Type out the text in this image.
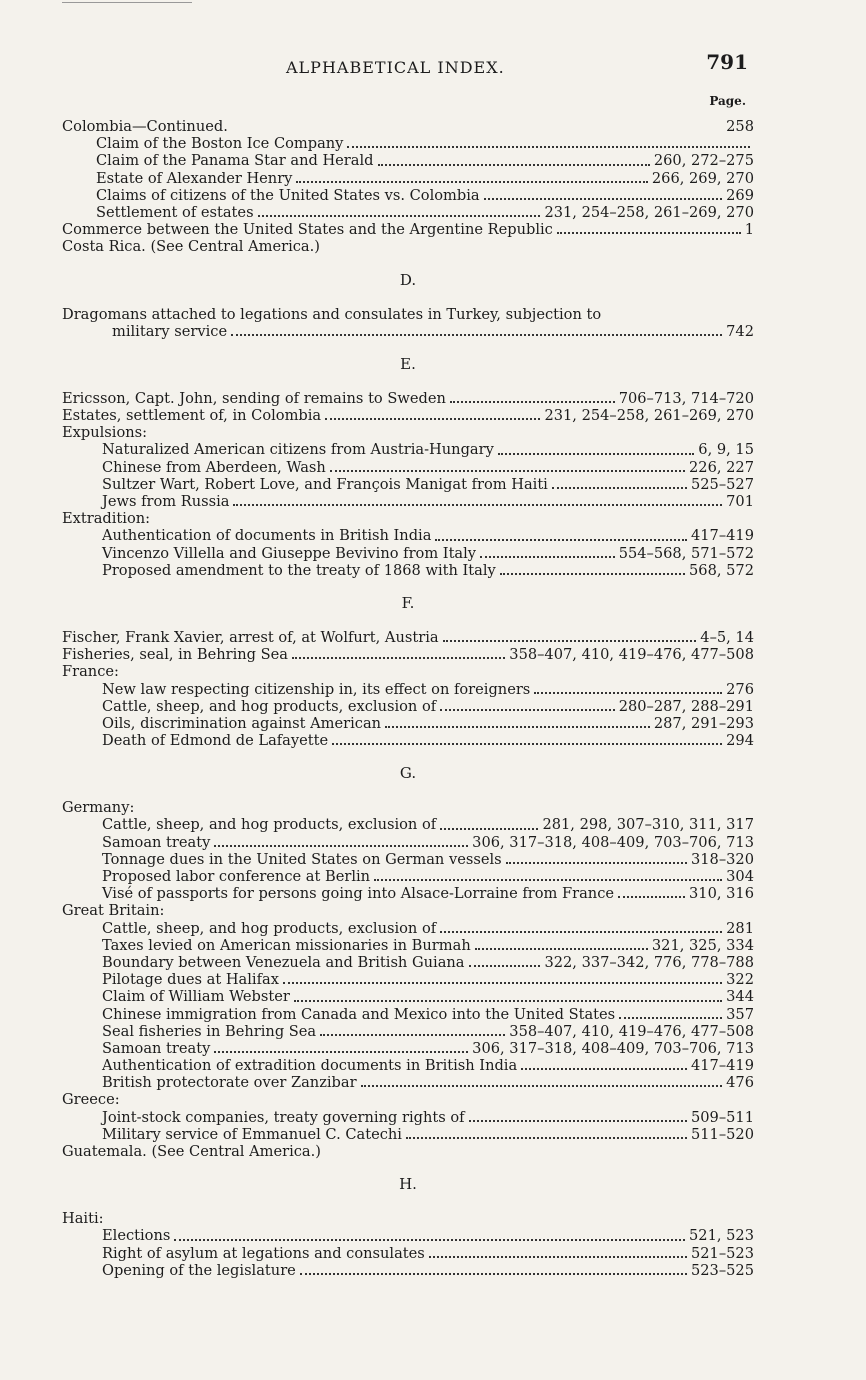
ALPHABETICAL INDEX.	791
Page.
Colombia—Continued.	258
Claim of the Boston Ice Company
Claim of the Panama Star and Herald	260, 272–275
Estate of Alexander Henry	266, 269, 270
Claims of citizens of the United States vs. Colombia	269
Settlement of estates	231, 254–258, 261–269, 270
Commerce between the United States and the Argentine Republic	1
Costa Rica. (See Central America.)
D.
Dragomans attached to legations and consulates in Turkey, subjection to
military service	742
E.
Ericsson, Capt. John, sending of remains to Sweden	706–713, 714–720
Estates, settlement of, in Colombia	231, 254–258, 261–269, 270
Expulsions:
Naturalized American citizens from Austria-Hungary	6, 9, 15
Chinese from Aberdeen, Wash	226, 227
Sultzer Wart, Robert Love, and François Manigat from Haiti	525–527
Jews from Russia	701
Extradition:
Authentication of documents in British India	417–419
Vincenzo Villella and Giuseppe Bevivino from Italy	554–568, 571–572
Proposed amendment to the treaty of 1868 with Italy	568, 572
F.
Fischer, Frank Xavier, arrest of, at Wolfurt, Austria	4–5, 14
Fisheries, seal, in Behring Sea	358–407, 410, 419–476, 477–508
France:
New law respecting citizenship in, its effect on foreigners	276
Cattle, sheep, and hog products, exclusion of	280–287, 288–291
Oils, discrimination against American	287, 291–293
Death of Edmond de Lafayette	294
G.
Germany:
Cattle, sheep, and hog products, exclusion of	281, 298, 307–310, 311, 317
Samoan treaty	306, 317–318, 408–409, 703–706, 713
Tonnage dues in the United States on German vessels	318–320
Proposed labor conference at Berlin	304
Visé of passports for persons going into Alsace-Lorraine from France	310, 316
Great Britain:
Cattle, sheep, and hog products, exclusion of	281
Taxes levied on American missionaries in Burmah	321, 325, 334
Boundary between Venezuela and British Guiana	322, 337–342, 776, 778–788
Pilotage dues at Halifax	322
Claim of William Webster	344
Chinese immigration from Canada and Mexico into the United States	357
Seal fisheries in Behring Sea	358–407, 410, 419–476, 477–508
Samoan treaty	306, 317–318, 408–409, 703–706, 713
Authentication of extradition documents in British India	417–419
British protectorate over Zanzibar	476
Greece:
Joint-stock companies, treaty governing rights of	509–511
Military service of Emmanuel C. Catechi	511–520
Guatemala. (See Central America.)
H.
Haiti:
Elections	521, 523
Right of asylum at legations and consulates	521–523
Opening of the legislature	523–525
